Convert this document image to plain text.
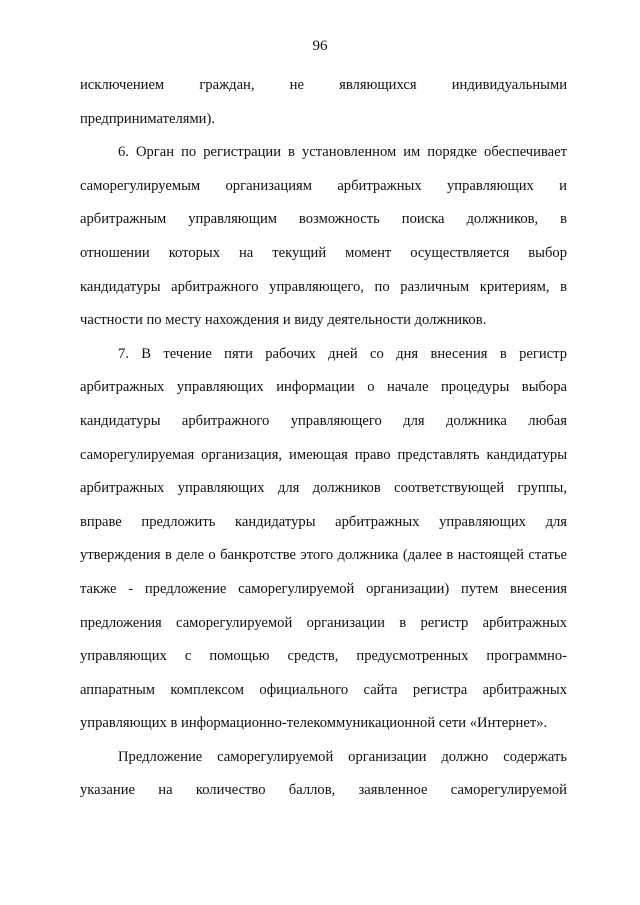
96
исключением граждан, не являющихся индивидуальными
предпринимателями).
6. Орган по регистрации в установленном им порядке обеспечивает
саморегулируемым организациям арбитражных управляющих и
арбитражным управляющим возможность поиска должников, в
отношении которых на текущий момент осуществляется выбор
кандидатуры арбитражного управляющего, по различным критериям, в
частности по месту нахождения и виду деятельности должников.
7. В течение пяти рабочих дней со дня внесения в регистр
арбитражных управляющих информации о начале процедуры выбора
кандидатуры арбитражного управляющего для должника любая
саморегулируемая организация, имеющая право представлять кандидатуры
арбитражных управляющих для должников соответствующей группы,
вправе предложить кандидатуры арбитражных управляющих для
утверждения в деле о банкротстве этого должника (далее в настоящей статье
также - предложение саморегулируемой организации) путем внесения
предложения саморегулируемой организации в регистр арбитражных
управляющих с помощью средств, предусмотренных программно-
аппаратным комплексом официального сайта регистра арбитражных
управляющих в информационно-телекоммуникационной сети «Интернет».
Предложение саморегулируемой организации должно содержать
указание на количество баллов, заявленное саморегулируемой
